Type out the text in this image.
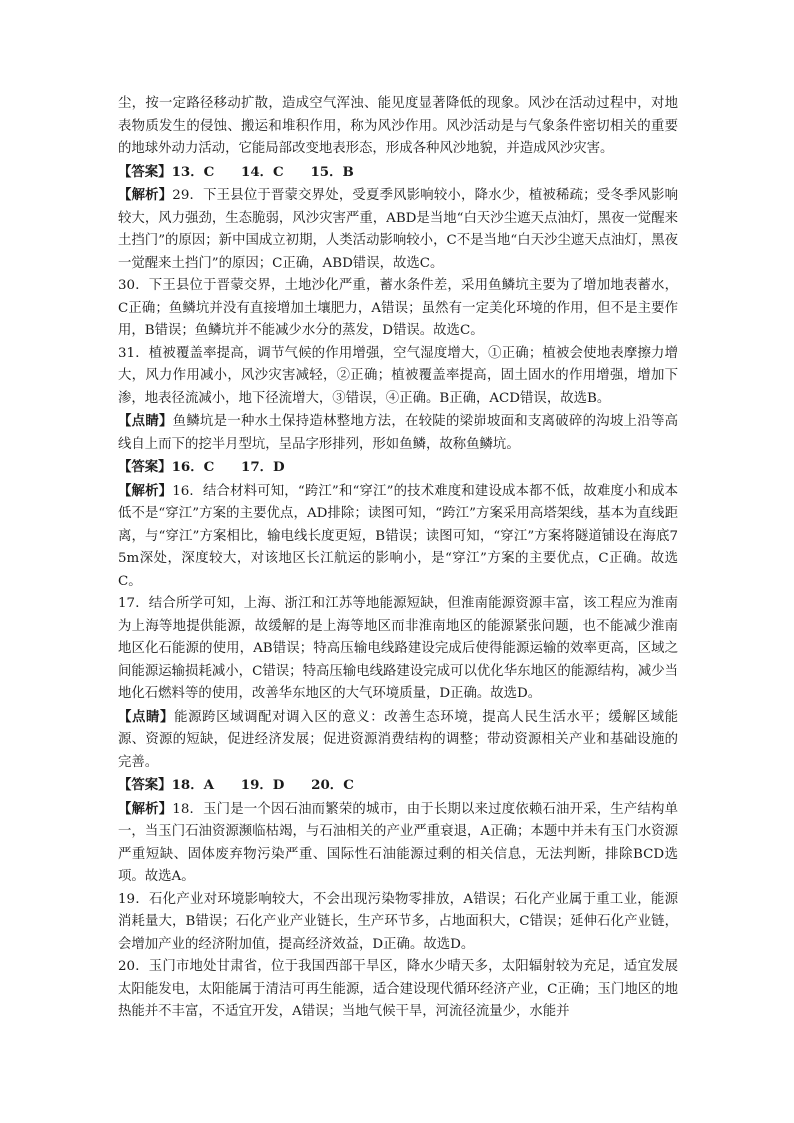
尘，按一定路径移动扩散，造成空气浑浊、能见度显著降低的现象。风沙在活动过程中，对地表物质发生的侵蚀、搬运和堆积作用，称为风沙作用。风沙活动是与气象条件密切相关的重要的地球外动力活动，它能局部改变地表形态，形成各种风沙地貌，并造成风沙灾害。

【答案】13．C　　14．C　　15．B

【解析】29．下王县位于晋蒙交界处，受夏季风影响较小，降水少，植被稀疏；受冬季风影响较大，风力强劲，生态脆弱，风沙灾害严重，ABD是当地“白天沙尘遮天点油灯，黑夜一觉醒来土挡门”的原因；新中国成立初期，人类活动影响较小，C不是当地“白天沙尘遮天点油灯，黑夜一觉醒来土挡门”的原因；C正确，ABD错误，故选C。

30．下王县位于晋蒙交界，土地沙化严重，蓄水条件差，采用鱼鳞坑主要为了增加地表蓄水，C正确；鱼鳞坑并没有直接增加土壤肥力，A错误；虽然有一定美化环境的作用，但不是主要作用，B错误；鱼鳞坑并不能减少水分的蒸发，D错误。故选C。

31．植被覆盖率提高，调节气候的作用增强，空气湿度增大，①正确；植被会使地表摩擦力增大，风力作用减小，风沙灾害减轻，②正确；植被覆盖率提高，固土固水的作用增强，增加下渗，地表径流减小，地下径流增大，③错误，④正确。B正确，ACD错误，故选B。

【点睛】鱼鳞坑是一种水土保持造林整地方法，在较陡的梁峁坡面和支离破碎的沟坡上沿等高线自上而下的挖半月型坑，呈品字形排列，形如鱼鳞，故称鱼鳞坑。

【答案】16．C　　17．D

【解析】16．结合材料可知，“跨江”和“穿江”的技术难度和建设成本都不低，故难度小和成本低不是“穿江”方案的主要优点，AD排除；读图可知，“跨江”方案采用高塔架线，基本为直线距离，与“穿江”方案相比，输电线长度更短，B错误；读图可知，“穿江”方案将隧道铺设在海底75m深处，深度较大，对该地区长江航运的影响小，是“穿江”方案的主要优点，C正确。故选C。

17．结合所学可知，上海、浙江和江苏等地能源短缺，但淮南能源资源丰富，该工程应为淮南为上海等地提供能源，故缓解的是上海等地区而非淮南地区的能源紧张问题，也不能减少淮南地区化石能源的使用，AB错误；特高压输电线路建设完成后使得能源运输的效率更高，区域之间能源运输损耗减小，C错误；特高压输电线路建设完成可以优化华东地区的能源结构，减少当地化石燃料等的使用，改善华东地区的大气环境质量，D正确。故选D。

【点睛】能源跨区域调配对调入区的意义：改善生态环境，提高人民生活水平；缓解区域能源、资源的短缺，促进经济发展；促进资源消费结构的调整；带动资源相关产业和基础设施的完善。

【答案】18．A　　19．D　　20．C

【解析】18．玉门是一个因石油而繁荣的城市，由于长期以来过度依赖石油开采，生产结构单一，当玉门石油资源濒临枯竭，与石油相关的产业严重衰退，A正确；本题中并未有玉门水资源严重短缺、固体废弃物污染严重、国际性石油能源过剩的相关信息，无法判断，排除BCD选项。故选A。

19．石化产业对环境影响较大，不会出现污染物零排放，A错误；石化产业属于重工业，能源消耗量大，B错误；石化产业产业链长，生产环节多，占地面积大，C错误；延伸石化产业链，会增加产业的经济附加值，提高经济效益，D正确。故选D。

20．玉门市地处甘肃省，位于我国西部干旱区，降水少晴天多，太阳辐射较为充足，适宜发展太阳能发电，太阳能属于清洁可再生能源，适合建设现代循环经济产业，C正确；玉门地区的地热能并不丰富，不适宜开发，A错误；当地气候干旱，河流径流量少，水能并
